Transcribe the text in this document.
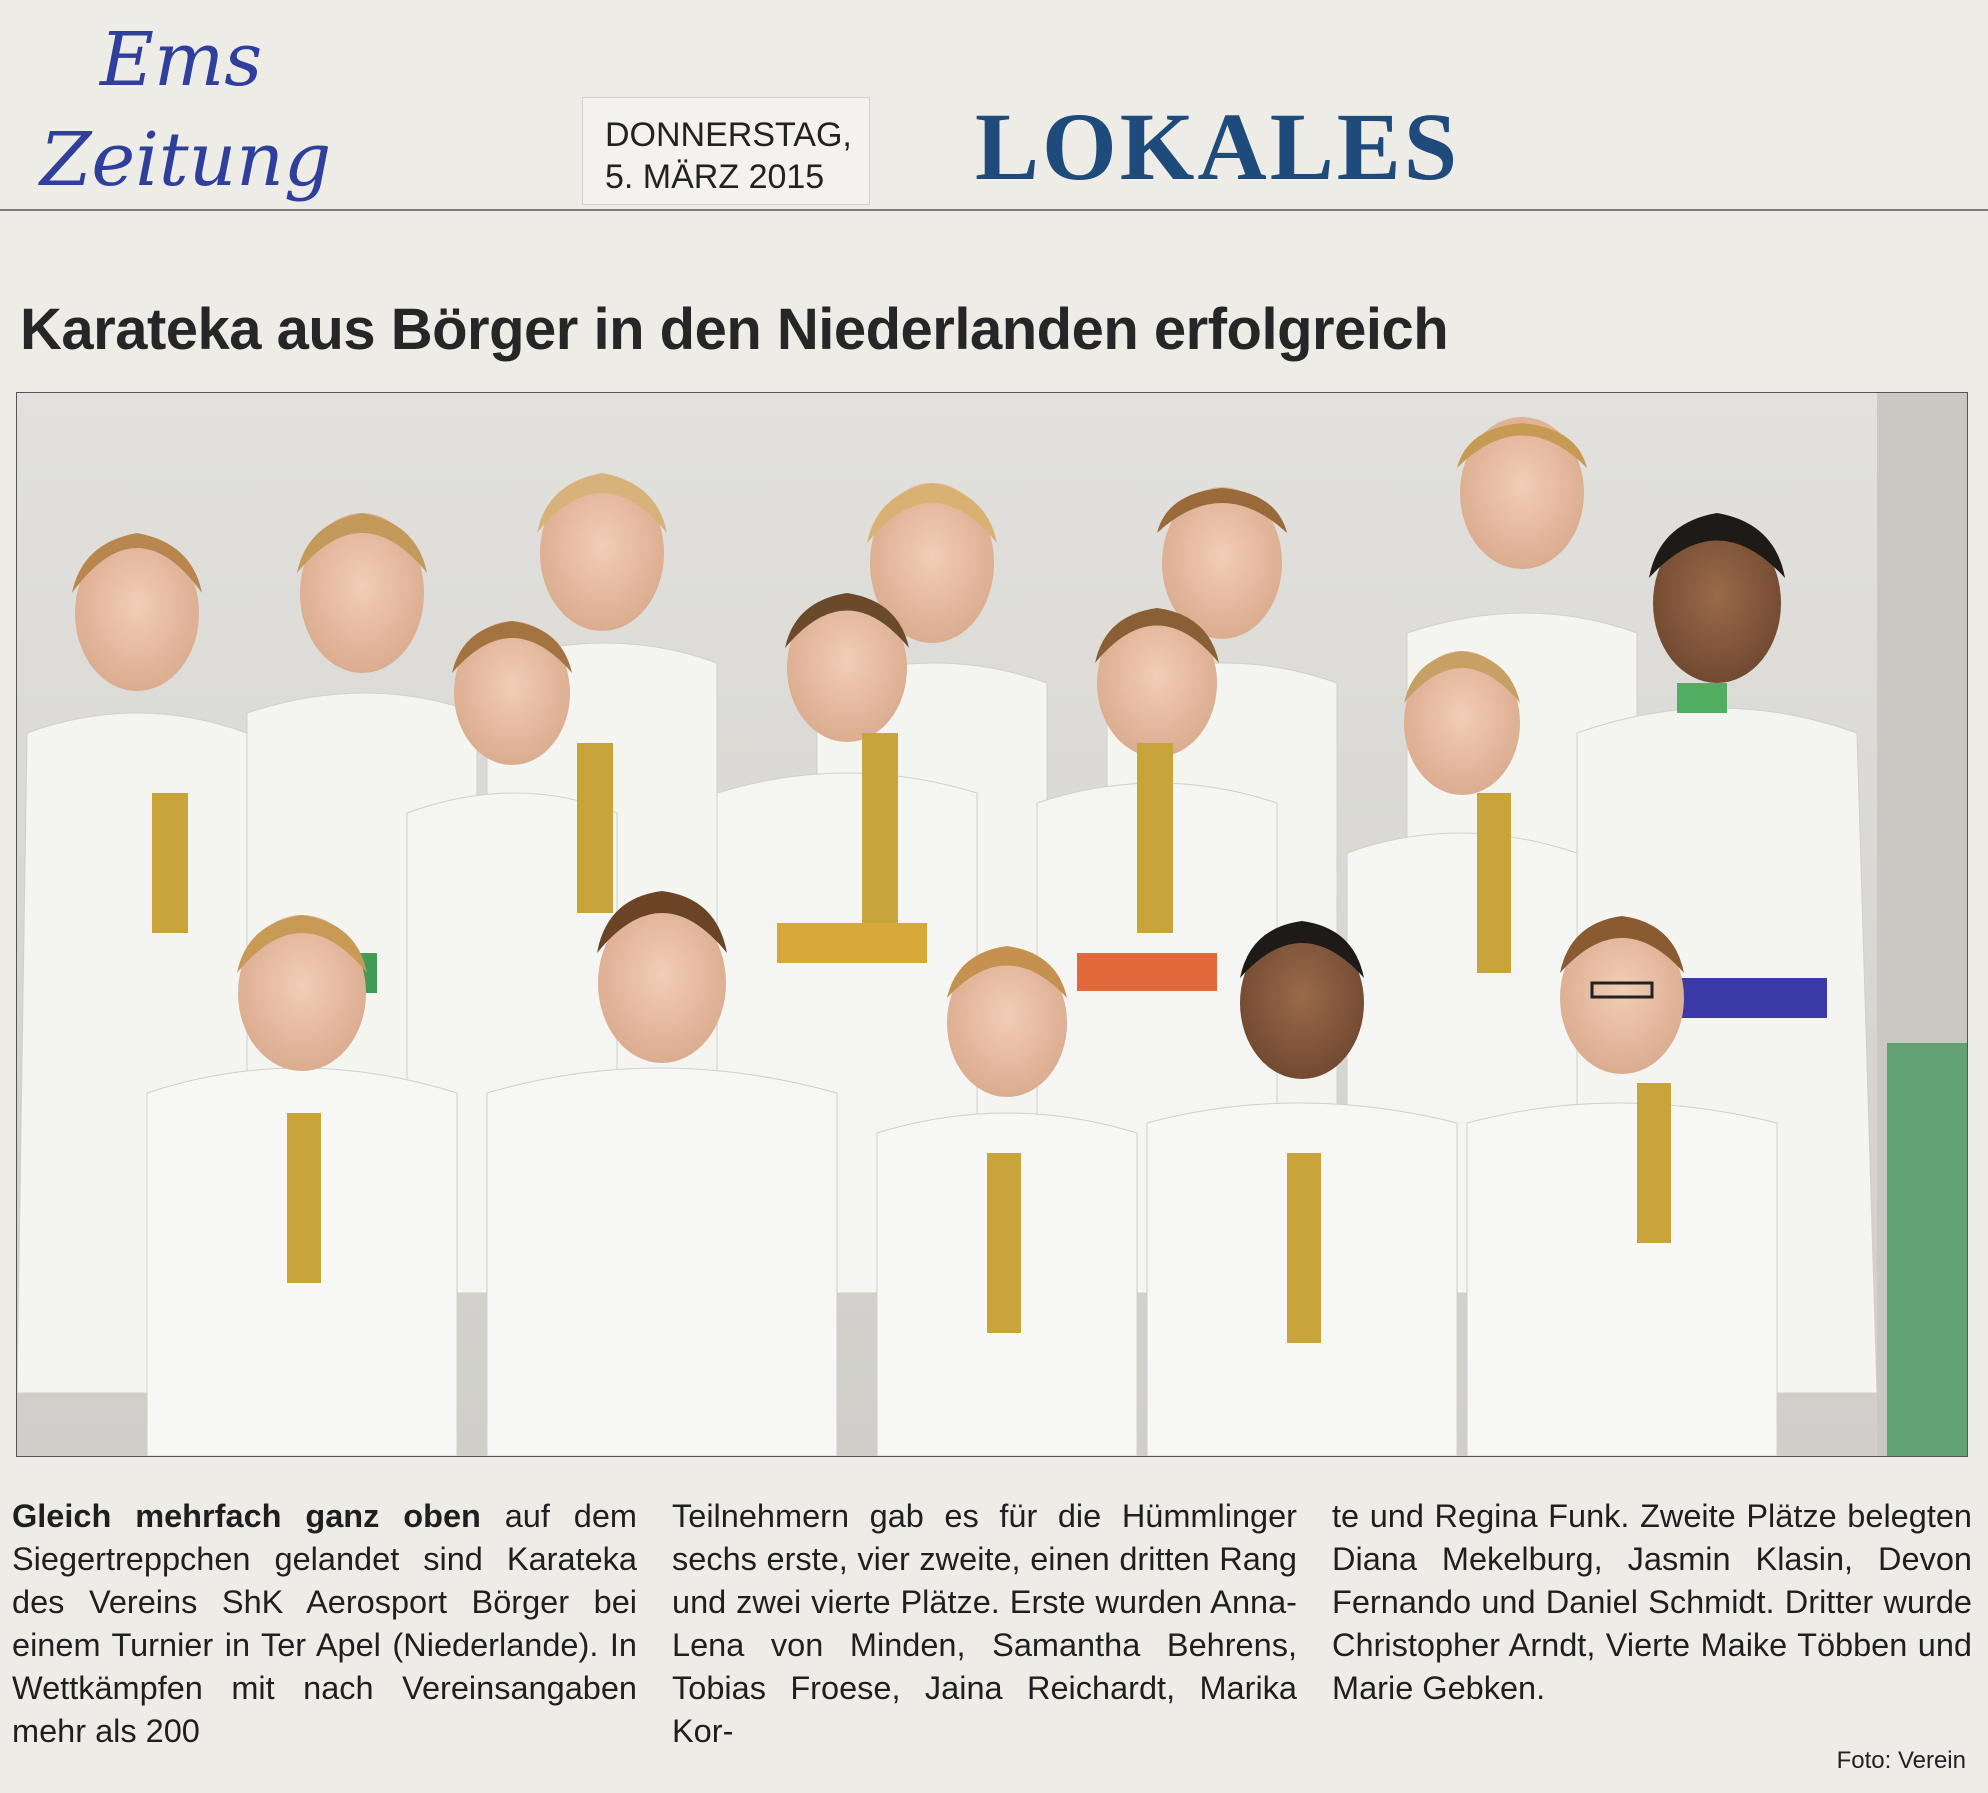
Ems
Zeitung	DONNERSTAG,
5. MÄRZ 2015	LOKALES
Karateka aus Börger in den Niederlanden erfolgreich
Gleich mehrfach ganz oben auf dem Siegertreppchen gelandet sind Karateka des Vereins ShK Aerosport Börger bei einem Turnier in Ter Apel (Niederlande). In Wettkämpfen mit nach Vereinsangaben mehr als 200
Teilnehmern gab es für die Hümmlinger sechs erste, vier zweite, einen dritten Rang und zwei vierte Plätze. Erste wurden Anna-Lena von Minden, Samantha Behrens, Tobias Froese, Jaina Reichardt, Marika Kor-
te und Regina Funk. Zweite Plätze belegten Diana Mekelburg, Jasmin Klasin, Devon Fernando und Daniel Schmidt. Dritter wurde Christopher Arndt, Vierte Maike Többen und Marie Gebken.
Foto: Verein
